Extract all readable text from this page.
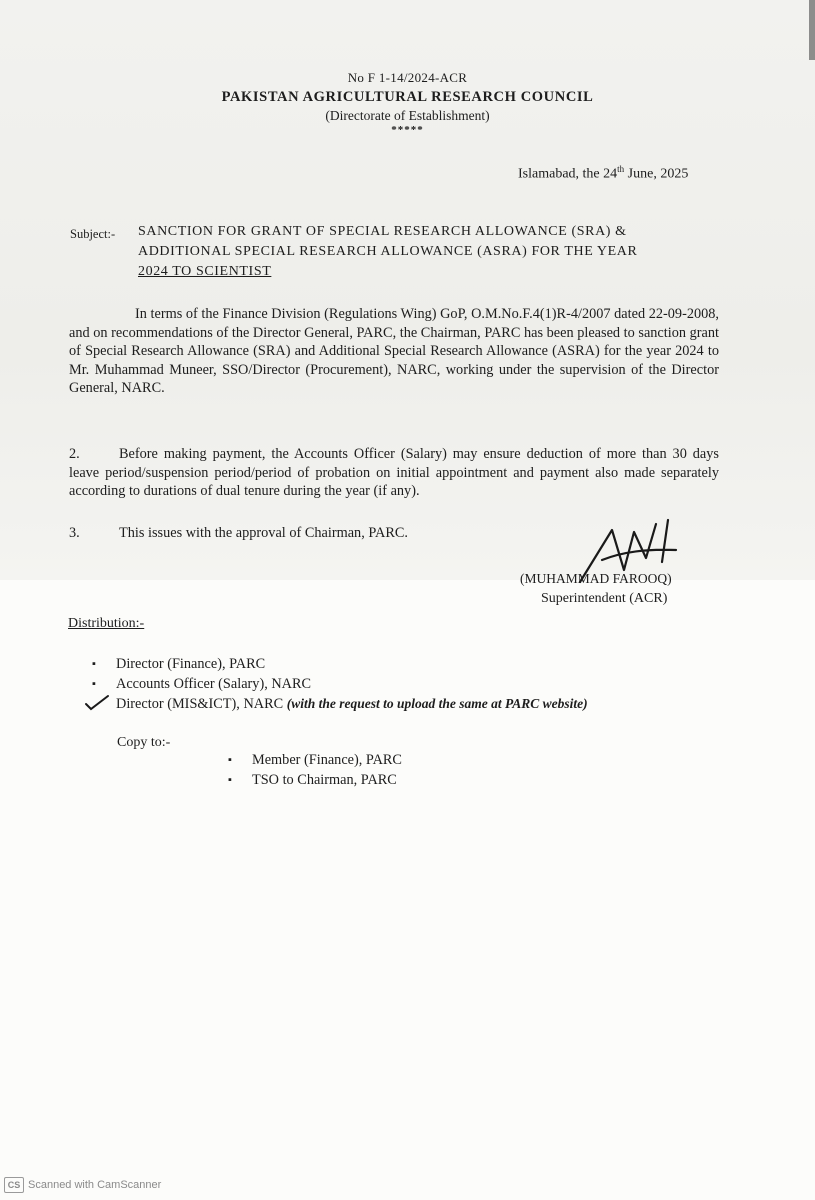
No F 1-14/2024-ACR
PAKISTAN AGRICULTURAL RESEARCH COUNCIL
(Directorate of Establishment)
*****
Islamabad, the 24th June, 2025
Subject:- SANCTION FOR GRANT OF SPECIAL RESEARCH ALLOWANCE (SRA) &
ADDITIONAL SPECIAL RESEARCH ALLOWANCE (ASRA) FOR THE YEAR
2024 TO SCIENTIST
In terms of the Finance Division (Regulations Wing) GoP, O.M.No.F.4(1)R-4/2007 dated 22-09-2008, and on recommendations of the Director General, PARC, the Chairman, PARC has been pleased to sanction grant of Special Research Allowance (SRA) and Additional Special Research Allowance (ASRA) for the year 2024 to Mr. Muhammad Muneer, SSO/Director (Procurement), NARC, working under the supervision of the Director General, NARC.
2.	Before making payment, the Accounts Officer (Salary) may ensure deduction of more than 30 days leave period/suspension period/period of probation on initial appointment and payment also made separately according to durations of dual tenure during the year (if any).
3.	This issues with the approval of Chairman, PARC.
(MUHAMMAD FAROOQ)
Superintendent (ACR)
Distribution:-
▪ Director (Finance), PARC
▪ Accounts Officer (Salary), NARC
Director (MIS&ICT), NARC (with the request to upload the same at PARC website)
Copy to:-
▪ Member (Finance), PARC
▪ TSO to Chairman, PARC
CS Scanned with CamScanner
